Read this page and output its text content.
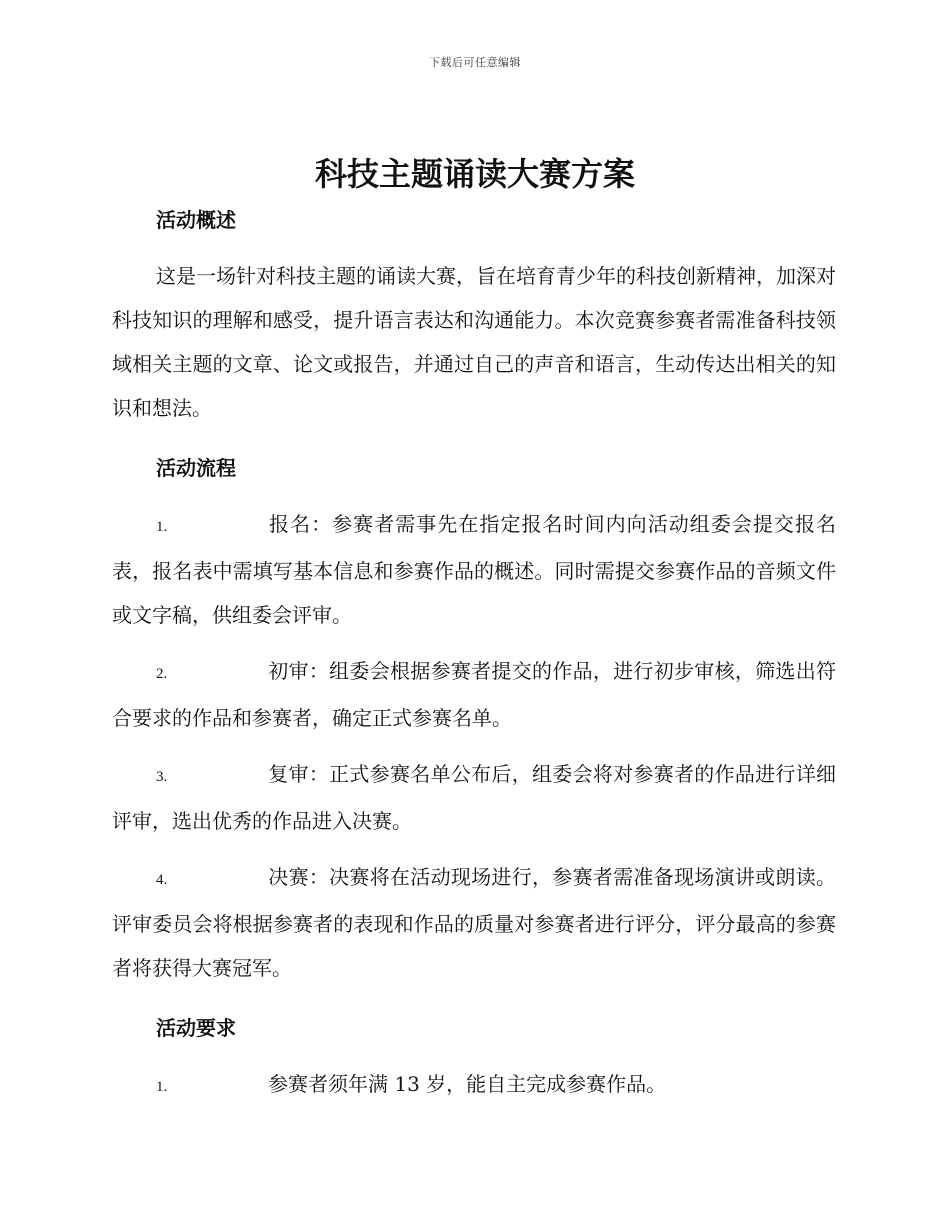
下载后可任意编辑
科技主题诵读大赛方案
活动概述

这是一场针对科技主题的诵读大赛，旨在培育青少年的科技创新精神，加深对科技知识的理解和感受，提升语言表达和沟通能力。本次竞赛参赛者需准备科技领域相关主题的文章、论文或报告，并通过自己的声音和语言，生动传达出相关的知识和想法。

活动流程

1.	报名：参赛者需事先在指定报名时间内向活动组委会提交报名表，报名表中需填写基本信息和参赛作品的概述。同时需提交参赛作品的音频文件或文字稿，供组委会评审。

2.	初审：组委会根据参赛者提交的作品，进行初步审核，筛选出符合要求的作品和参赛者，确定正式参赛名单。

3.	复审：正式参赛名单公布后，组委会将对参赛者的作品进行详细评审，选出优秀的作品进入决赛。

4.	决赛：决赛将在活动现场进行，参赛者需准备现场演讲或朗读。评审委员会将根据参赛者的表现和作品的质量对参赛者进行评分，评分最高的参赛者将获得大赛冠军。

活动要求

1.	参赛者须年满 13 岁，能自主完成参赛作品。
